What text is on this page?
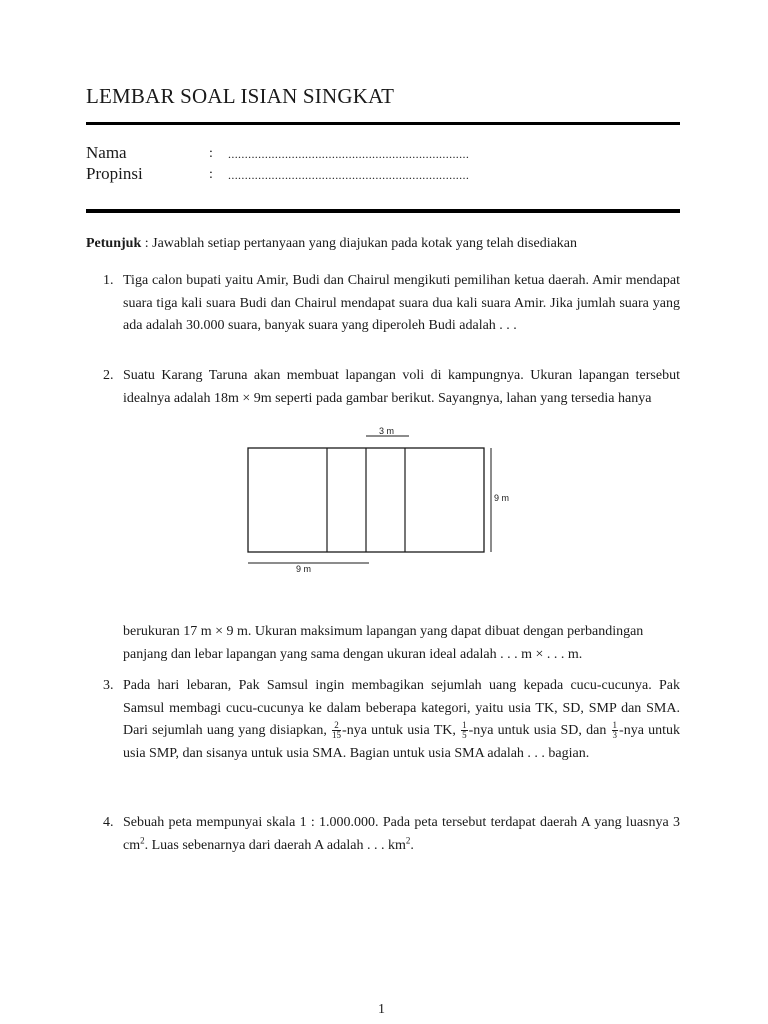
LEMBAR SOAL ISIAN SINGKAT
Nama	: ........................................................................
Propinsi	: ........................................................................
Petunjuk : Jawablah setiap pertanyaan yang diajukan pada kotak yang telah disediakan
1. Tiga calon bupati yaitu Amir, Budi dan Chairul mengikuti pemilihan ketua daerah. Amir mendapat suara tiga kali suara Budi dan Chairul mendapat suara dua kali suara Amir. Jika jumlah suara yang ada adalah 30.000 suara, banyak suara yang diperoleh Budi adalah . . .

2. Suatu Karang Taruna akan membuat lapangan voli di kampungnya. Ukuran lapangan tersebut idealnya adalah 18m × 9m seperti pada gambar berikut. Sayangnya, lahan yang tersedia hanya

3 m
9 m
9 m
berukuran 17 m × 9 m. Ukuran maksimum lapangan yang dapat dibuat dengan perbandingan panjang dan lebar lapangan yang sama dengan ukuran ideal adalah . . . m × . . . m.
3. Pada hari lebaran, Pak Samsul ingin membagikan sejumlah uang kepada cucu-cucunya. Pak Samsul membagi cucu-cucunya ke dalam beberapa kategori, yaitu usia TK, SD, SMP dan SMA. Dari sejumlah uang yang disiapkan, $\frac{2}{15} -nya$ untuk usia TK, $\frac{1}{5} -nya$ untuk usia SD, dan $\frac{1}{3} -nya$ untuk usia SMP, dan sisanya untuk usia SMA. Bagian untuk usia SMA adalah . . . bagian.

4. Sebuah peta mempunyai skala 1 : 1.000.000. Pada peta tersebut terdapat daerah A yang luasnya 3 $cm^2$. Luas sebenarnya dari daerah A adalah . . . $km^2$.

1
